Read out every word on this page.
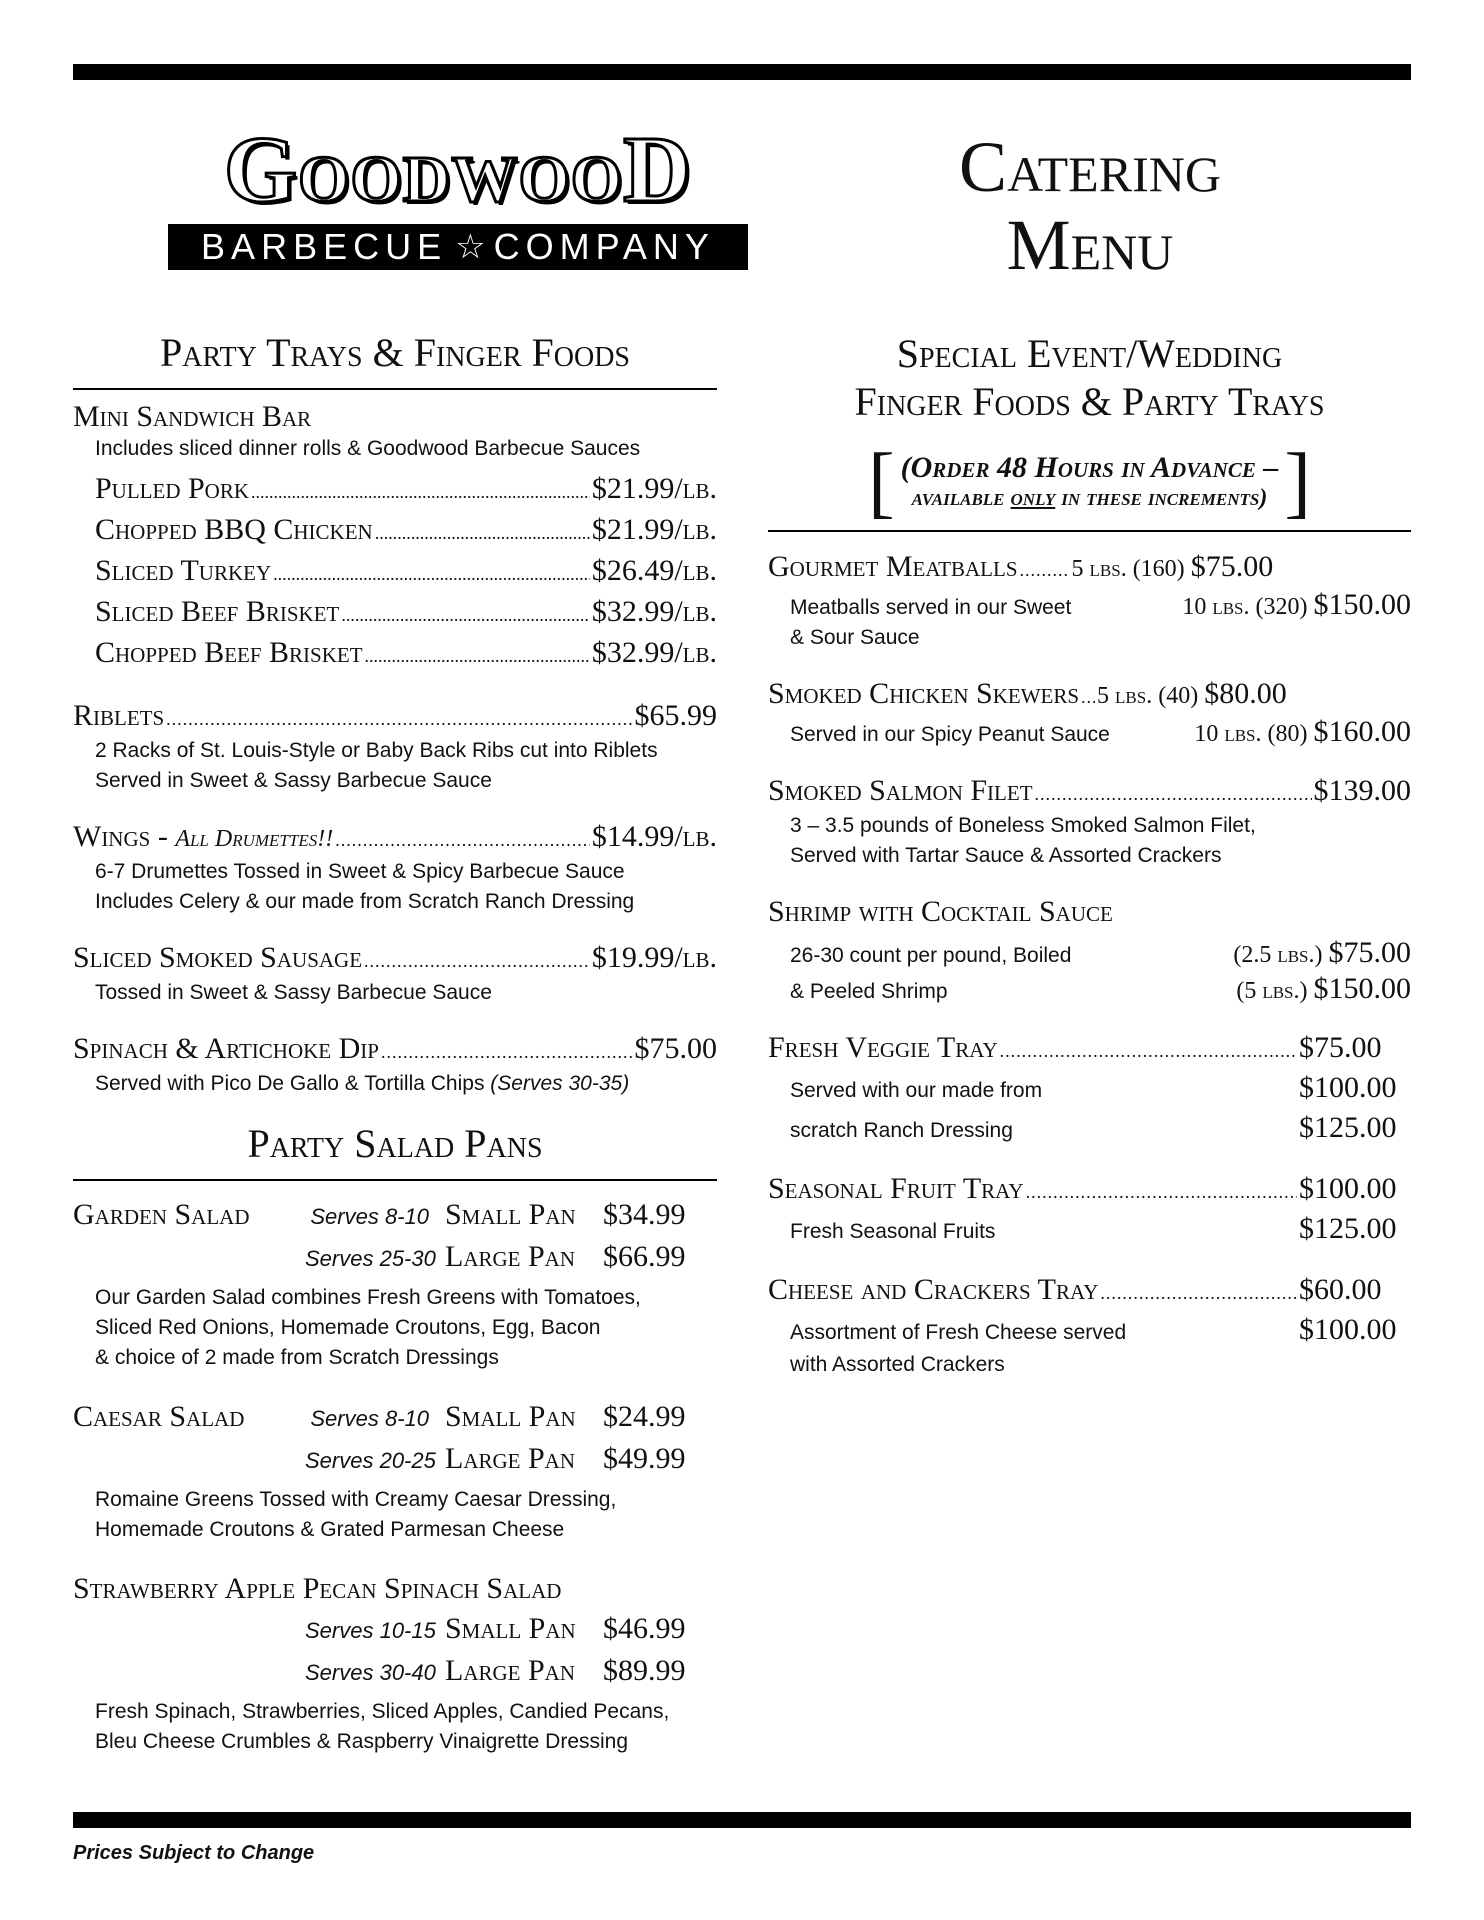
GoodwooD
BARBECUE ☆ COMPANY
Catering
Menu
Party Trays & Finger Foods
Mini Sandwich Bar
Includes sliced dinner rolls & Goodwood Barbecue Sauces
Pulled Pork .....	$21.99/lb.
Chopped BBQ Chicken .....	$21.99/lb.
Sliced Turkey .....	$26.49/lb.
Sliced Beef Brisket .....	$32.99/lb.
Chopped Beef Brisket .....	$32.99/lb.
Riblets .....	$65.99
2 Racks of St. Louis-Style or Baby Back Ribs cut into Riblets
Served in Sweet & Sassy Barbecue Sauce
Wings - All Drumettes!! .....	$14.99/lb.
6-7 Drumettes Tossed in Sweet & Spicy Barbecue Sauce
Includes Celery & our made from Scratch Ranch Dressing
Sliced Smoked Sausage .....	$19.99/lb.
Tossed in Sweet & Sassy Barbecue Sauce
Spinach & Artichoke Dip .....	$75.00
Served with Pico De Gallo & Tortilla Chips (Serves 30-35)
Party Salad Pans
Garden Salad	Serves 8-10 Small Pan $34.99
Serves 25-30 Large Pan $66.99
Our Garden Salad combines Fresh Greens with Tomatoes,
Sliced Red Onions, Homemade Croutons, Egg, Bacon
& choice of 2 made from Scratch Dressings
Caesar Salad	Serves 8-10 Small Pan $24.99
Serves 20-25 Large Pan $49.99
Romaine Greens Tossed with Creamy Caesar Dressing,
Homemade Croutons & Grated Parmesan Cheese
Strawberry Apple Pecan Spinach Salad
Serves 10-15 Small Pan $46.99
Serves 30-40 Large Pan $89.99
Fresh Spinach, Strawberries, Sliced Apples, Candied Pecans,
Bleu Cheese Crumbles & Raspberry Vinaigrette Dressing
Special Event/Wedding
Finger Foods & Party Trays
[ (Order 48 Hours in Advance –
available only in these increments) ]
Gourmet Meatballs ..... 5 lbs. (160) $75.00
Meatballs served in our Sweet	10 lbs. (320) $150.00
& Sour Sauce
Smoked Chicken Skewers ..... 5 lbs. (40) $80.00
Served in our Spicy Peanut Sauce	10 lbs. (80) $160.00
Smoked Salmon Filet .....	$139.00
3 – 3.5 pounds of Boneless Smoked Salmon Filet,
Served with Tartar Sauce & Assorted Crackers
Shrimp with Cocktail Sauce
26-30 count per pound, Boiled	(2.5 lbs.) $75.00
& Peeled Shrimp	(5 lbs.) $150.00
Fresh Veggie Tray .....	$75.00
Served with our made from	$100.00
scratch Ranch Dressing	$125.00
Seasonal Fruit Tray .....	$100.00
Fresh Seasonal Fruits	$125.00
Cheese and Crackers Tray .....	$60.00
Assortment of Fresh Cheese served	$100.00
with Assorted Crackers
Prices Subject to Change
